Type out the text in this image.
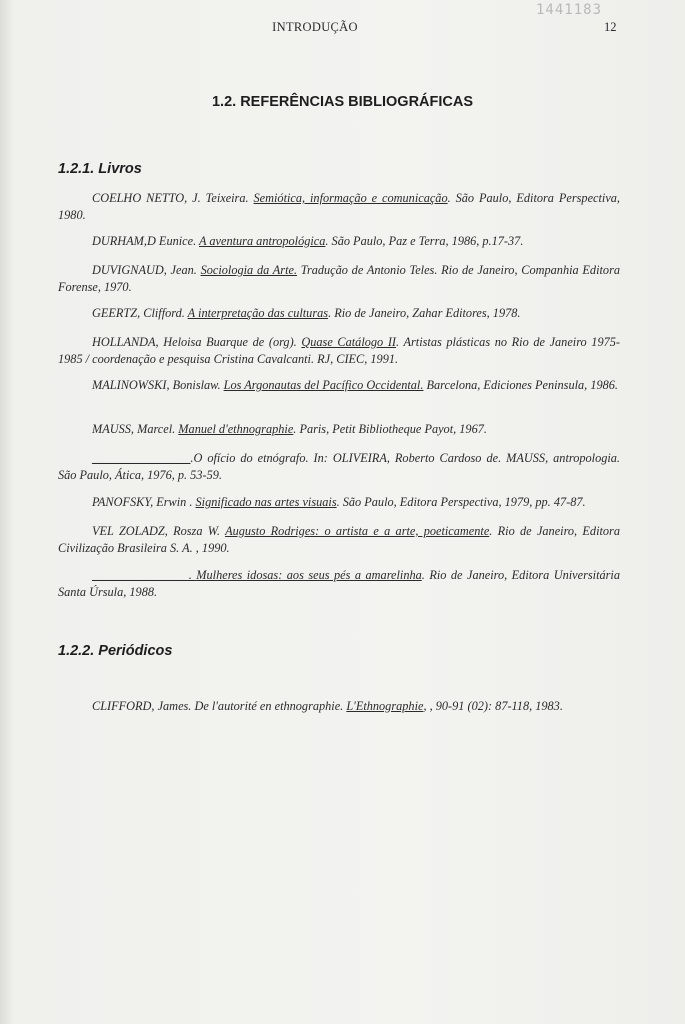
1441183
INTRODUÇÃO	12
1.2. REFERÊNCIAS BIBLIOGRÁFICAS
1.2.1. Livros

COELHO NETTO, J. Teixeira. Semiótica, informação e comunicação. São Paulo, Editora Perspectiva, 1980.

DURHAM,D Eunice. A aventura antropológica. São Paulo, Paz e Terra, 1986, p.17-37.

DUVIGNAUD, Jean. Sociologia da Arte. Tradução de Antonio Teles. Rio de Janeiro, Companhia Editora Forense, 1970.

GEERTZ, Clifford. A interpretação das culturas. Rio de Janeiro, Zahar Editores, 1978.

HOLLANDA, Heloisa Buarque de (org). Quase Catálogo II. Artistas plásticas no Rio de Janeiro 1975-1985 / coordenação e pesquisa Cristina Cavalcanti. RJ, CIEC, 1991.

MALINOWSKI, Bonislaw. Los Argonautas del Pacífico Occidental. Barcelona, Ediciones Peninsula, 1986.

MAUSS, Marcel. Manuel d'ethnographie. Paris, Petit Bibliotheque Payot, 1967.

________________.O ofício do etnógrafo. In: OLIVEIRA, Roberto Cardoso de. MAUSS, antropologia. São Paulo, Ática, 1976, p. 53-59.

PANOFSKY, Erwin . Significado nas artes visuais. São Paulo, Editora Perspectiva, 1979, pp. 47-87.

VEL ZOLADZ, Rosza W. Augusto Rodriges: o artista e a arte, poeticamente. Rio de Janeiro, Editora Civilização Brasileira S. A. , 1990.

_______________ . Mulheres idosas: aos seus pés a amarelinha. Rio de Janeiro, Editora Universitária Santa Úrsula, 1988.

1.2.2. Periódicos

CLIFFORD, James. De l'autorité en ethnographie. L'Ethnographie, , 90-91 (02): 87-118, 1983.
